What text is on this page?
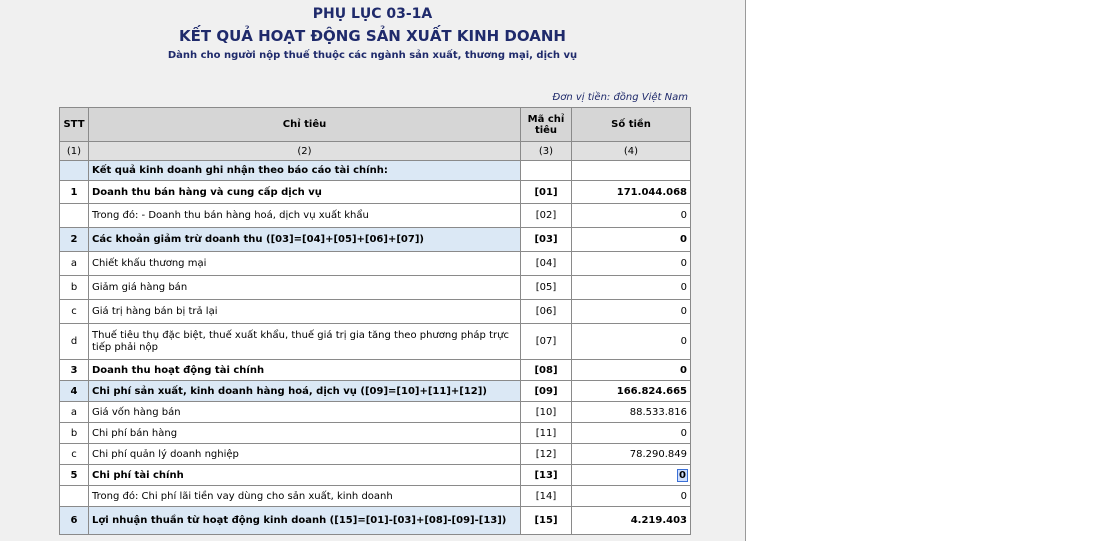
PHỤ LỤC 03-1A
KẾT QUẢ HOẠT ĐỘNG SẢN XUẤT KINH DOANH
Dành cho người nộp thuế thuộc các ngành sản xuất, thương mại, dịch vụ
Đơn vị tiền: đồng Việt Nam
STT	Chỉ tiêu	Mã chỉ tiêu	Số tiền
(1)	(2)	(3)	(4)
	Kết quả kinh doanh ghi nhận theo báo cáo tài chính:		
1	Doanh thu bán hàng và cung cấp dịch vụ	[01]	171.044.068
	Trong đó: - Doanh thu bán hàng hoá, dịch vụ xuất khẩu	[02]	0
2	Các khoản giảm trừ doanh thu ([03]=[04]+[05]+[06]+[07])	[03]	0
a	Chiết khấu thương mại	[04]	0
b	Giảm giá hàng bán	[05]	0
c	Giá trị hàng bán bị trả lại	[06]	0
d	Thuế tiêu thụ đặc biệt, thuế xuất khẩu, thuế giá trị gia tăng theo phương pháp trực tiếp phải nộp	[07]	0
3	Doanh thu hoạt động tài chính	[08]	0
4	Chi phí sản xuất, kinh doanh hàng hoá, dịch vụ ([09]=[10]+[11]+[12])	[09]	166.824.665
a	Giá vốn hàng bán	[10]	88.533.816
b	Chi phí bán hàng	[11]	0
c	Chi phí quản lý doanh nghiệp	[12]	78.290.849
5	Chi phí tài chính	[13]	0
	Trong đó: Chi phí lãi tiền vay dùng cho sản xuất, kinh doanh	[14]	0
6	Lợi nhuận thuần từ hoạt động kinh doanh ([15]=[01]-[03]+[08]-[09]-[13])	[15]	4.219.403
